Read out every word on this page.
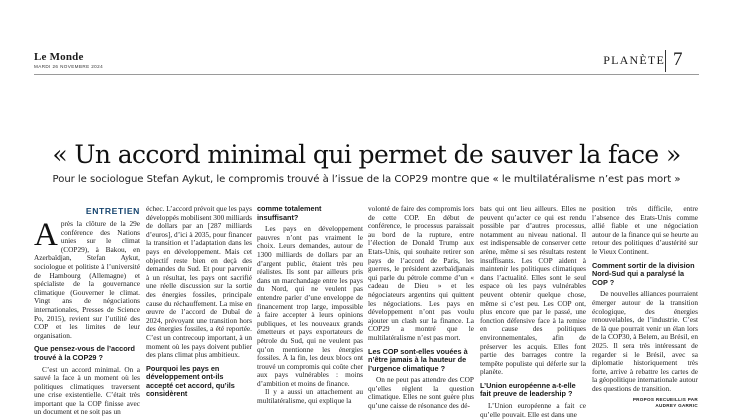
Le Monde
MARDI 26 NOVEMBRE 2024	PLANÈTE 7
« Un accord minimal qui permet de sauver la face »
Pour le sociologue Stefan Aykut, le compromis trouvé à l’issue de la COP29 montre que « le multilatéralisme n’est pas mort »
ENTRETIEN

Après la clôture de la 29e conférence des Nations unies sur le climat (COP29), à Bakou, en Azerbaïdjan, Stefan Aykut, sociologue et politiste à l’université de Hambourg (Allemagne) et spécialiste de la gouvernance climatique (Gouverner le climat. Vingt ans de négociations internationales, Presses de Science Po, 2015), revient sur l’utilité des COP et les limites de leur organisation.

Que pensez-vous de l’accord trouvé à la COP29 ?

C’est un accord minimal. On a sauvé la face à un moment où les politiques climatiques traversent une crise existentielle. C’était très important que la COP finisse avec un document et ne soit pas un

échec. L’accord prévoit que les pays développés mobilisent 300 milliards de dollars par an [287 milliards d’euros], d’ici à 2035, pour financer la transition et l’adaptation dans les pays en développement. Mais cet objectif reste bien en deçà des demandes du Sud. Et pour parvenir à un résultat, les pays ont sacrifié une réelle discussion sur la sortie des énergies fossiles, principale cause du réchauffement. La mise en œuvre de l’accord de Dubaï de 2024, prévoyant une transition hors des énergies fossiles, a été reportée. C’est un contrecoup important, à un moment où les pays doivent publier des plans climat plus ambitieux.

Pourquoi les pays en développement ont-ils accepté cet accord, qu’ils considèrent
comme totalement insuffisant?

Les pays en développement pauvres n’ont pas vraiment le choix. Leurs demandes, autour de 1300 milliards de dollars par an d’argent public, étaient très peu réalistes. Ils sont par ailleurs pris dans un marchandage entre les pays du Nord, qui ne veulent pas entendre parler d’une enveloppe de financement trop large, impossible à faire accepter à leurs opinions publiques, et les nouveaux grands émetteurs et pays exportateurs de pétrole du Sud, qui ne veulent pas qu’on mentionne les énergies fossiles. À la fin, les deux blocs ont trouvé un compromis qui coûte cher aux pays vulnérables : moins d’ambition et moins de finance.

Il y a aussi un attachement au multilatéralisme, qui explique la

volonté de faire des compromis lors de cette COP. En début de conférence, le processus paraissait au bord de la rupture, entre l’élection de Donald Trump aux Etats-Unis, qui souhaite retirer son pays de l’accord de Paris, les guerres, le président azerbaïdjanais qui parle du pétrole comme d’un « cadeau de Dieu » et les négociateurs argentins qui quittent les négociations. Les pays en développement n’ont pas voulu ajouter un clash sur la finance. La COP29 a montré que le multilatéralisme n’est pas mort.

Les COP sont-elles vouées à n’être jamais à la hauteur de l’urgence climatique ?

On ne peut pas attendre des COP qu’elles règlent la question climatique. Elles ne sont guère plus qu’une caisse de résonance des dé-

bats qui ont lieu ailleurs. Elles ne peuvent qu’acter ce qui est rendu possible par d’autres processus, notamment au niveau national. Il est indispensable de conserver cette arène, même si ses résultats restent insuffisants. Les COP aident à maintenir les politiques climatiques dans l’actualité. Elles sont le seul espace où les pays vulnérables peuvent obtenir quelque chose, même si c’est peu. Les COP ont, plus encore que par le passé, une fonction défensive face à la remise en cause des politiques environnementales, afin de préserver les acquis. Elles font partie des barrages contre la tempête populiste qui déferle sur la planète.

L’Union européenne a-t-elle fait preuve de leadership ?

L’Union européenne a fait ce qu’elle pouvait. Elle est dans une

position très difficile, entre l’absence des Etats-Unis comme allié fiable et une négociation autour de la finance qui se heurte au retour des politiques d’austérité sur le Vieux Continent.

Comment sortir de la division Nord-Sud qui a paralysé la COP ?

De nouvelles alliances pourraient émerger autour de la transition écologique, des énergies renouvelables, de l’industrie. C’est de là que pourrait venir un élan lors de la COP30, à Belem, au Brésil, en 2025. Il sera très intéressant de regarder si le Brésil, avec sa diplomatie historiquement très forte, arrive à rebattre les cartes de la géopolitique internationale autour des questions de transition.

PROPOS RECUEILLIS PAR
AUDREY GARRIC
